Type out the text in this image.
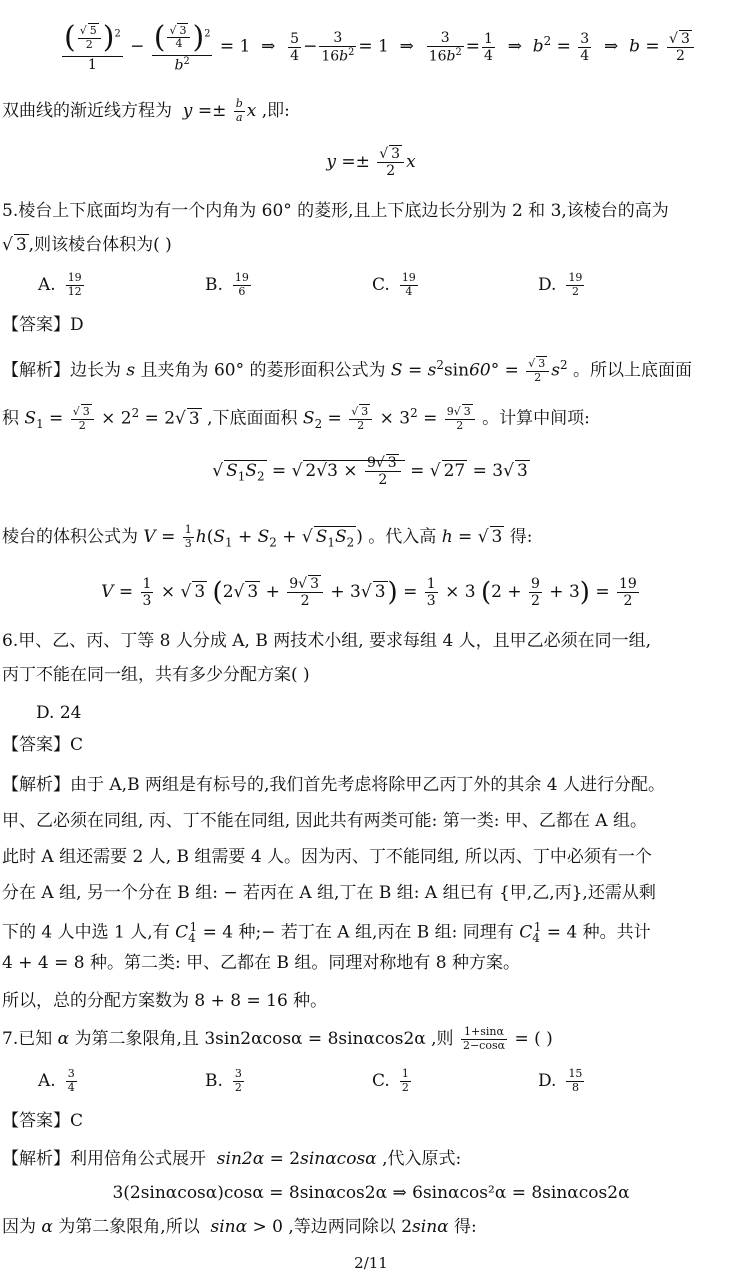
$\frac{( \frac{√ 5}{2} )^2}{1} - \frac{( \frac{√ 3}{4} )^2}{b^2} = 1$  ⇒ $\frac{5}{4} - \frac{3}{16b^2} = 1$  ⇒ $\frac{3}{16b^2} = \frac{1}{4}$ ⇒  $b^2 = \frac{3}{4}$ ⇒  $b = \frac{√ 3}{2}$
双曲线的渐近线方程为  $y =\pm \frac{b}{a}$ x ,即:
$y =\pm \frac{√ 3}{2}$ x
5.棱台上下底面均为有一个内角为 60° 的菱形,且上下底边长分别为 2 和 3,该棱台的高为
√ 3 ,则该棱台体积为( )
A. $\frac{19}{12}$	B. $\frac{19}{6}$	C. $\frac{19}{4}$	D. $\frac{19}{2}$
【答案】D
【解析】边长为 s 且夹角为 60° 的菱形面积公式为 $S = s^2\sin 60^\circ = \frac{√ 3}{2} s^2$ 。所以上底面面
积 $S_1 = \frac{√ 3}{2} \times 2^2 = 2√$ 3 ,下底面面积 $S_2 = \frac{√ 3}{2} \times 3^2 = \frac{9√ 3}{2}$ 。计算中间项:
√ $S_1S_2$ = √ $2√3 \times \frac{9√ 3}{2}$ = √ 27 = 3√ 3
棱台的体积公式为 $V = \frac{1}{3} h(S_1 + S_2$ + √ $S_1S_2$ ) 。代入高 h = √ 3 得:
$V = \frac{1}{3}$ × √ 3 (2√ $3 + \frac{9√ 3}{2} + 3√$ $3) = \frac{1}{3} \times 3$ $(2 + \frac{9}{2} + 3) = \frac{19}{2}$
6.甲、乙、丙、丁等 8 人分成 A, B 两技术小组, 要求每组 4 人，且甲乙必须在同一组,
丙丁不能在同一组，共有多少分配方案( )
D. 24
【答案】C
【解析】由于 A,B 两组是有标号的,我们首先考虑将除甲乙丙丁外的其余 4 人进行分配。
甲、乙必须在同组, 丙、丁不能在同组, 因此共有两类可能: 第一类: 甲、乙都在 A 组。
此时 A 组还需要 2 人, B 组需要 4 人。因为丙、丁不能同组, 所以丙、丁中必须有一个
分在 A 组, 另一个分在 B 组: − 若丙在 A 组,丁在 B 组: A 组已有 {甲,乙,丙},还需从剩
下的 4 人中选 1 人,有 $C_4^1 = 4$ 种;− 若丁在 A 组,丙在 B 组: 同理有 $C_4^1 = 4$ 种。共计
4 + 4 = 8 种。第二类: 甲、乙都在 B 组。同理对称地有 8 种方案。
所以，总的分配方案数为 8 + 8 = 16 种。
7.已知 α 为第二象限角,且 3sin2αcosα = 8sinαcos2α ,则 $\frac{1+\sin\alpha}{2-\cos\alpha}$ = ( )
A. $\frac{3}{4}$	B. $\frac{3}{2}$	C. $\frac{1}{2}$	D. $\frac{15}{8}$
【答案】C
【解析】利用倍角公式展开  sin2α = 2sinαcosα ,代入原式:
3(2sinαcosα)cosα = 8sinαcos2α ⇒ 6sinαcos²α = 8sinαcos2α
因为 α 为第二象限角,所以  sinα > 0 ,等边两同除以 2sinα 得:
2/11
